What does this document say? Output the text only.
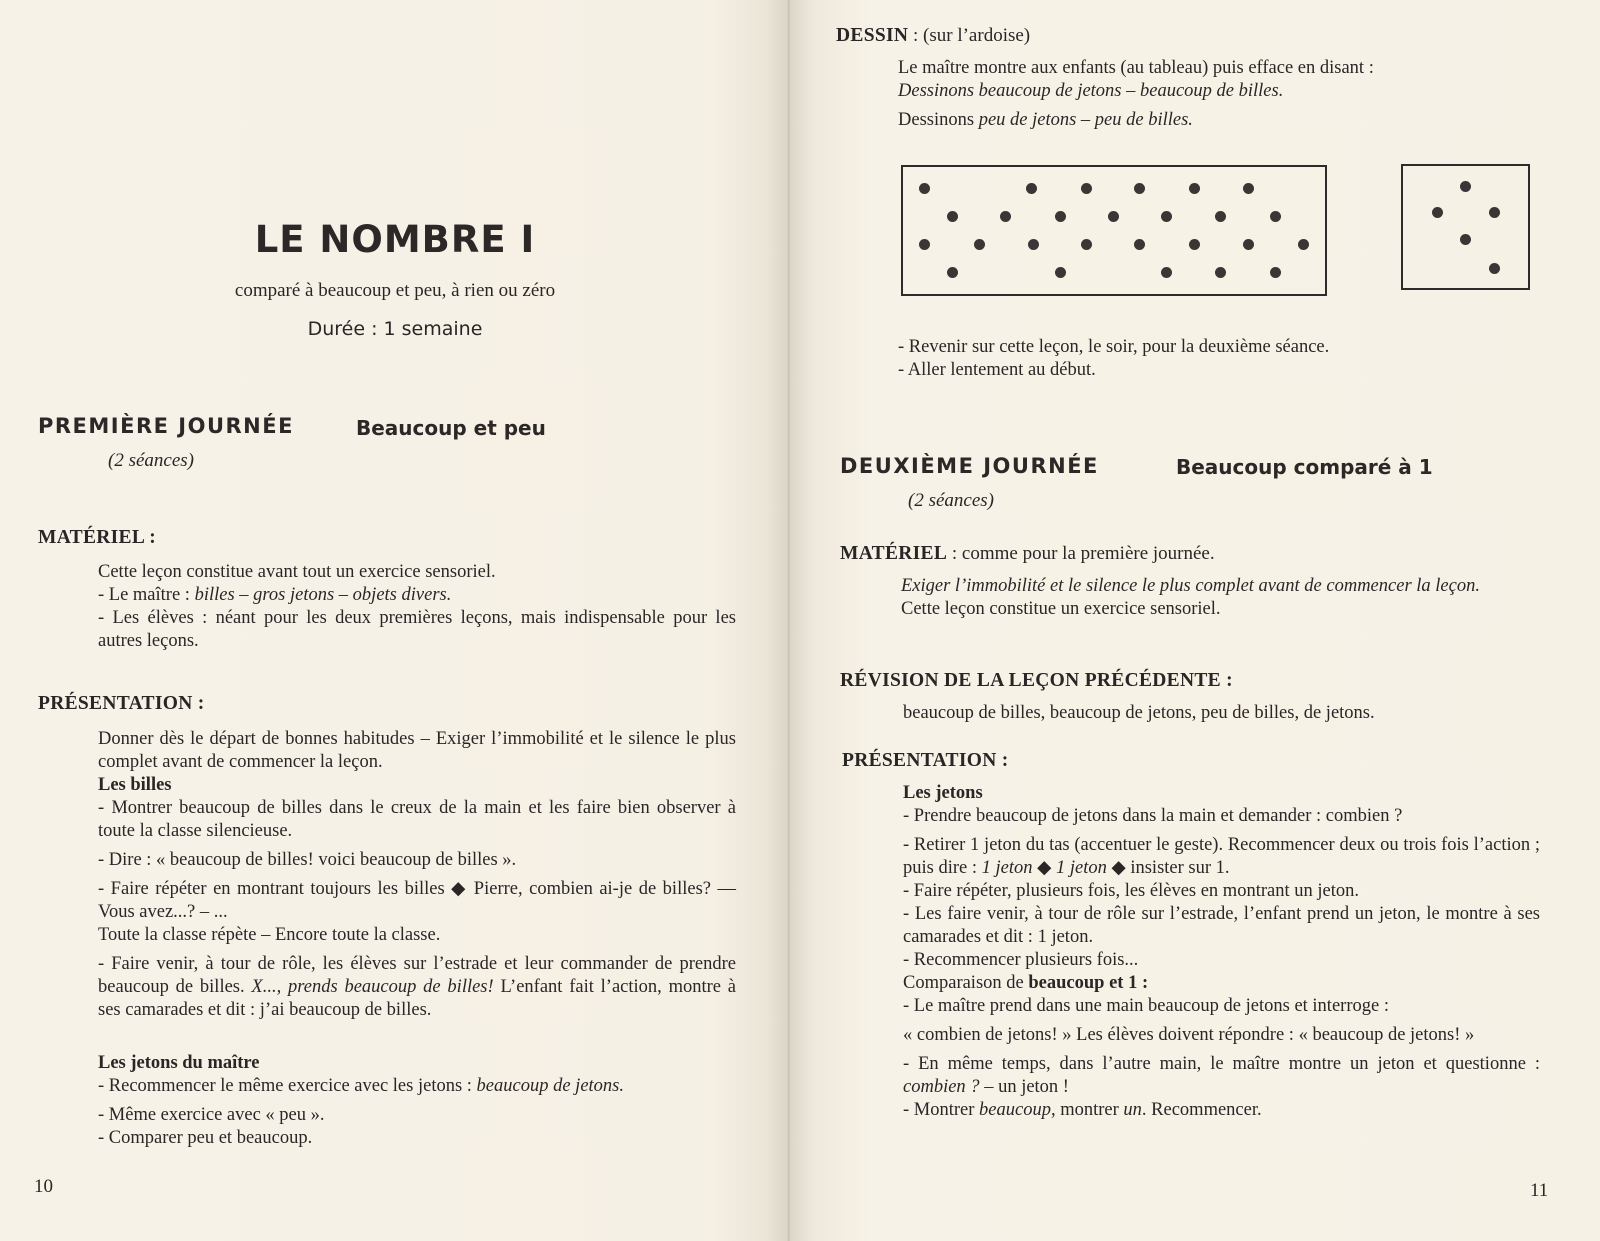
LE NOMBRE I
comparé à beaucoup et peu, à rien ou zéro
Durée : 1 semaine
PREMIÈRE JOURNÉE	Beaucoup et peu
(2 séances)
MATÉRIEL :

Cette leçon constitue avant tout un exercice sensoriel.

- Le maître : billes – gros jetons – objets divers.

- Les élèves : néant pour les deux premières leçons, mais indispensable pour les autres leçons.

PRÉSENTATION :

Donner dès le départ de bonnes habitudes – Exiger l’immobilité et le silence le plus complet avant de commencer la leçon.

Les billes

- Montrer beaucoup de billes dans le creux de la main et les faire bien observer à toute la classe silencieuse.

- Dire : « beaucoup de billes! voici beaucoup de billes ».

- Faire répéter en montrant toujours les billes ◆ Pierre, combien ai-je de billes? — Vous avez...? – ...

Toute la classe répète – Encore toute la classe.

- Faire venir, à tour de rôle, les élèves sur l’estrade et leur commander de prendre beaucoup de billes. X..., prends beaucoup de billes! L’enfant fait l’action, montre à ses camarades et dit : j’ai beaucoup de billes.

Les jetons du maître

- Recommencer le même exercice avec les jetons : beaucoup de jetons.

- Même exercice avec « peu ».

- Comparer peu et beaucoup.

10
DESSIN : (sur l’ardoise)

Le maître montre aux enfants (au tableau) puis efface en disant :

Dessinons beaucoup de jetons – beaucoup de billes.

Dessinons peu de jetons – peu de billes.

- Revenir sur cette leçon, le soir, pour la deuxième séance.

- Aller lentement au début.

DEUXIÈME JOURNÉE	Beaucoup comparé à 1
(2 séances)
MATÉRIEL : comme pour la première journée.

Exiger l’immobilité et le silence le plus complet avant de commencer la leçon.

Cette leçon constitue un exercice sensoriel.

RÉVISION DE LA LEÇON PRÉCÉDENTE :
beaucoup de billes, beaucoup de jetons, peu de billes, de jetons.
PRÉSENTATION :

Les jetons

- Prendre beaucoup de jetons dans la main et demander : combien ?

- Retirer 1 jeton du tas (accentuer le geste). Recommencer deux ou trois fois l’action ; puis dire : 1 jeton ◆ 1 jeton ◆ insister sur 1.

- Faire répéter, plusieurs fois, les élèves en montrant un jeton.

- Les faire venir, à tour de rôle sur l’estrade, l’enfant prend un jeton, le montre à ses camarades et dit : 1 jeton.

- Recommencer plusieurs fois...

Comparaison de beaucoup et 1 :

- Le maître prend dans une main beaucoup de jetons et interroge :

« combien de jetons! » Les élèves doivent répondre : « beaucoup de jetons! »

- En même temps, dans l’autre main, le maître montre un jeton et questionne : combien ? – un jeton !

- Montrer beaucoup, montrer un. Recommencer.

11
